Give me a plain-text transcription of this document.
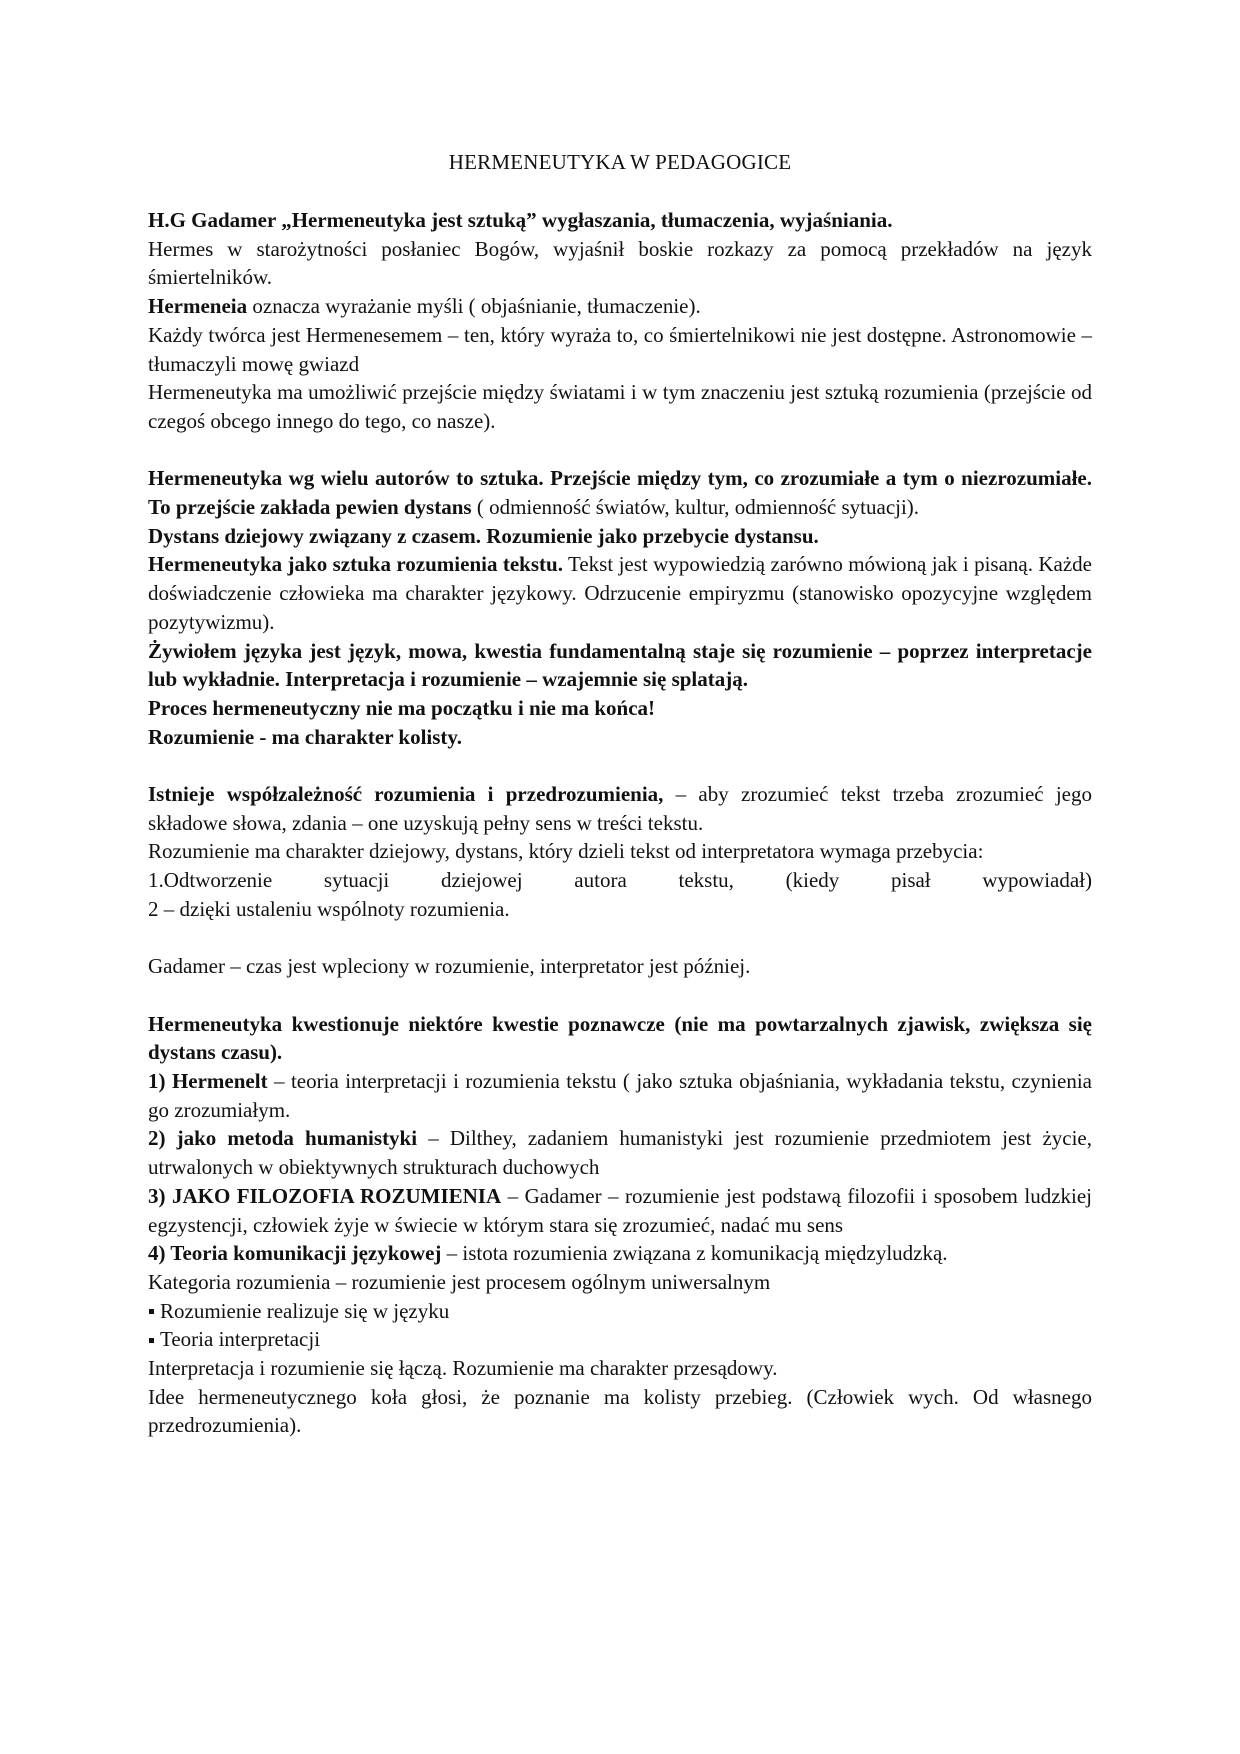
HERMENEUTYKA W PEDAGOGICE

H.G Gadamer „Hermeneutyka jest sztuką” wygłaszania, tłumaczenia, wyjaśniania.

Hermes w starożytności posłaniec Bogów, wyjaśnił boskie rozkazy za pomocą przekładów na język śmiertelników.

Hermeneia oznacza wyrażanie myśli ( objaśnianie, tłumaczenie).

Każdy twórca jest Hermenesemem – ten, który wyraża to, co śmiertelnikowi nie jest dostępne. Astronomowie – tłumaczyli mowę gwiazd

Hermeneutyka ma umożliwić przejście między światami i w tym znaczeniu jest sztuką rozumienia (przejście od czegoś obcego innego do tego, co nasze).

Hermeneutyka wg wielu autorów to sztuka. Przejście między tym, co zrozumiałe a tym o niezrozumiałe. To przejście zakłada pewien dystans ( odmienność światów, kultur, odmienność sytuacji).

Dystans dziejowy związany z czasem. Rozumienie jako przebycie dystansu.

Hermeneutyka jako sztuka rozumienia tekstu. Tekst jest wypowiedzią zarówno mówioną jak i pisaną. Każde doświadczenie człowieka ma charakter językowy. Odrzucenie empiryzmu (stanowisko opozycyjne względem pozytywizmu).

Żywiołem języka jest język, mowa, kwestia fundamentalną staje się rozumienie – poprzez interpretacje lub wykładnie. Interpretacja i rozumienie – wzajemnie się splatają.

Proces hermeneutyczny nie ma początku i nie ma końca!

Rozumienie - ma charakter kolisty.

Istnieje współzależność rozumienia i przedrozumienia, – aby zrozumieć tekst trzeba zrozumieć jego składowe słowa, zdania – one uzyskują pełny sens w treści tekstu.

Rozumienie ma charakter dziejowy, dystans, który dzieli tekst od interpretatora wymaga przebycia:

1.Odtworzenie sytuacji dziejowej autora tekstu, (kiedy pisał wypowiadał)

2 – dzięki ustaleniu wspólnoty rozumienia.

Gadamer – czas jest wpleciony w rozumienie, interpretator jest później.

Hermeneutyka kwestionuje niektóre kwestie poznawcze (nie ma powtarzalnych zjawisk, zwiększa się dystans czasu).

1) Hermenelt – teoria interpretacji i rozumienia tekstu ( jako sztuka objaśniania, wykładania tekstu, czynienia go zrozumiałym.

2) jako metoda humanistyki – Dilthey, zadaniem humanistyki jest rozumienie przedmiotem jest życie, utrwalonych w obiektywnych strukturach duchowych

3) JAKO FILOZOFIA ROZUMIENIA – Gadamer – rozumienie jest podstawą filozofii i sposobem ludzkiej egzystencji, człowiek żyje w świecie w którym stara się zrozumieć, nadać mu sens

4) Teoria komunikacji językowej – istota rozumienia związana z komunikacją międzyludzką.

Kategoria rozumienia – rozumienie jest procesem ogólnym uniwersalnym

Rozumienie realizuje się w języku

Teoria interpretacji

Interpretacja i rozumienie się łączą. Rozumienie ma charakter przesądowy.

Idee hermeneutycznego koła głosi, że poznanie ma kolisty przebieg. (Człowiek wych. Od własnego przedrozumienia).
